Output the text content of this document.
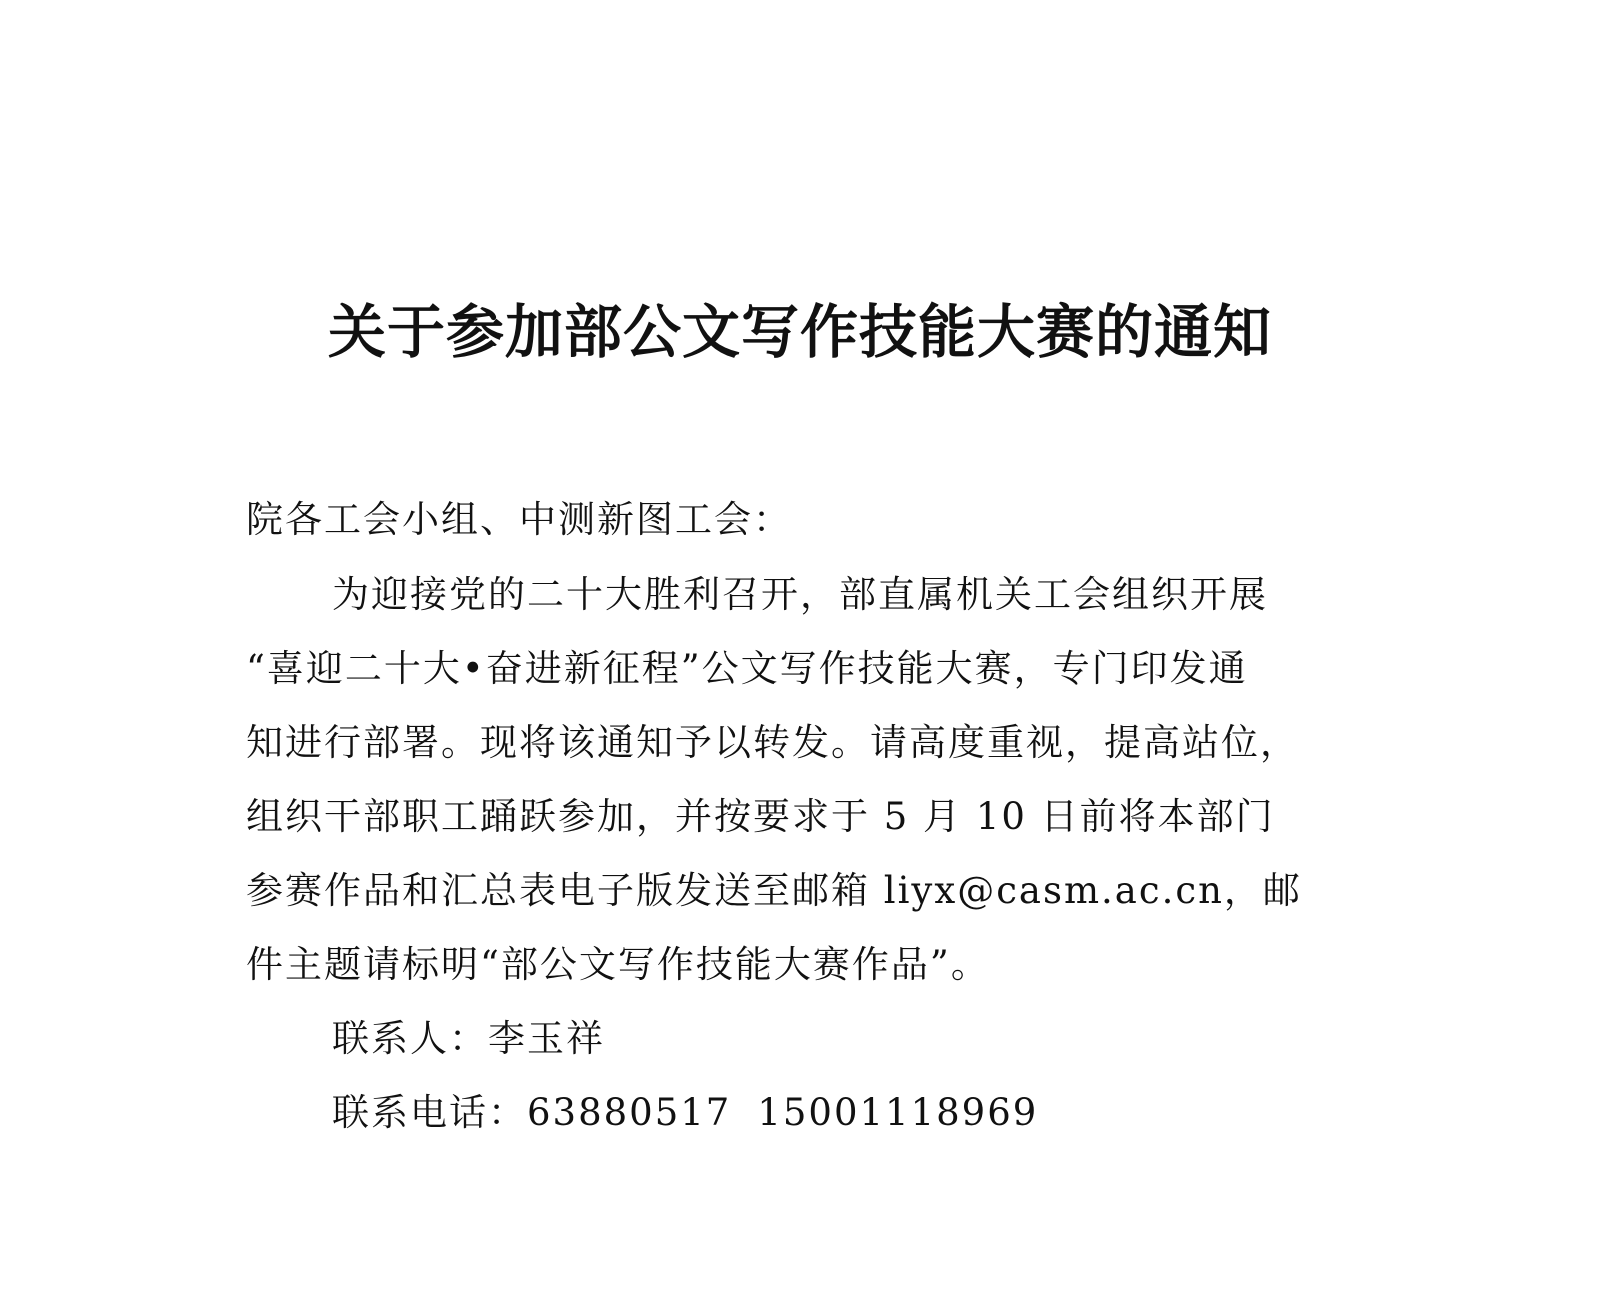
关于参加部公文写作技能大赛的通知
院各工会小组、中测新图工会：
为迎接党的二十大胜利召开，部直属机关工会组织开展
“喜迎二十大•奋进新征程”公文写作技能大赛，专门印发通
知进行部署。现将该通知予以转发。请高度重视，提高站位，
组织干部职工踊跃参加，并按要求于 5 月 10 日前将本部门
参赛作品和汇总表电子版发送至邮箱 liyx@casm.ac.cn，邮
件主题请标明“部公文写作技能大赛作品”。
联系人：李玉祥
联系电话：63880517 15001118969
